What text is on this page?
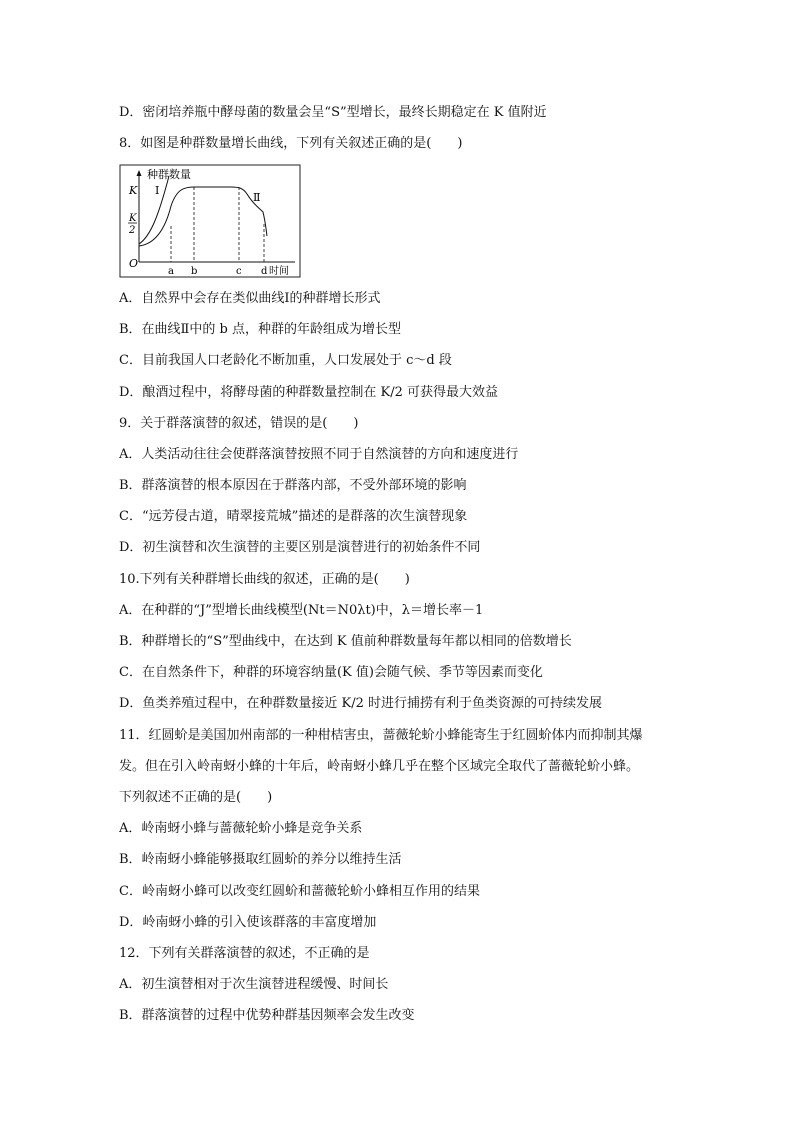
D．密闭培养瓶中酵母菌的数量会呈“S”型增长，最终长期稳定在 K 值附近
8．如图是种群数量增长曲线，下列有关叙述正确的是(　　)
种群数量
K
K
2
O
Ⅰ
Ⅱ
a b	c d 时间
A．自然界中会存在类似曲线Ⅰ的种群增长形式
B．在曲线Ⅱ中的 b 点，种群的年龄组成为增长型
C．目前我国人口老龄化不断加重，人口发展处于 c～d 段
D．酿酒过程中，将酵母菌的种群数量控制在 K/2 可获得最大效益
9．关于群落演替的叙述，错误的是(　　)
A．人类活动往往会使群落演替按照不同于自然演替的方向和速度进行
B．群落演替的根本原因在于群落内部，不受外部环境的影响
C．“远芳侵古道，晴翠接荒城”描述的是群落的次生演替现象
D．初生演替和次生演替的主要区别是演替进行的初始条件不同
10.下列有关种群增长曲线的叙述，正确的是(　　)
A．在种群的“J”型增长曲线模型(Nt＝N0λt)中，λ＝增长率－1
B．种群增长的“S”型曲线中，在达到 K 值前种群数量每年都以相同的倍数增长
C．在自然条件下，种群的环境容纳量(K 值)会随气候、季节等因素而变化
D．鱼类养殖过程中，在种群数量接近 K/2 时进行捕捞有利于鱼类资源的可持续发展
11．红圆蚧是美国加州南部的一种柑桔害虫，蔷薇轮蚧小蜂能寄生于红圆蚧体内而抑制其爆
发。但在引入岭南蚜小蜂的十年后，岭南蚜小蜂几乎在整个区域完全取代了蔷薇轮蚧小蜂。
下列叙述不正确的是(　　)
A．岭南蚜小蜂与蔷薇轮蚧小蜂是竞争关系
B．岭南蚜小蜂能够摄取红圆蚧的养分以维持生活
C．岭南蚜小蜂可以改变红圆蚧和蔷薇轮蚧小蜂相互作用的结果
D．岭南蚜小蜂的引入使该群落的丰富度增加
12．下列有关群落演替的叙述，不正确的是
A．初生演替相对于次生演替进程缓慢、时间长
B．群落演替的过程中优势种群基因频率会发生改变
